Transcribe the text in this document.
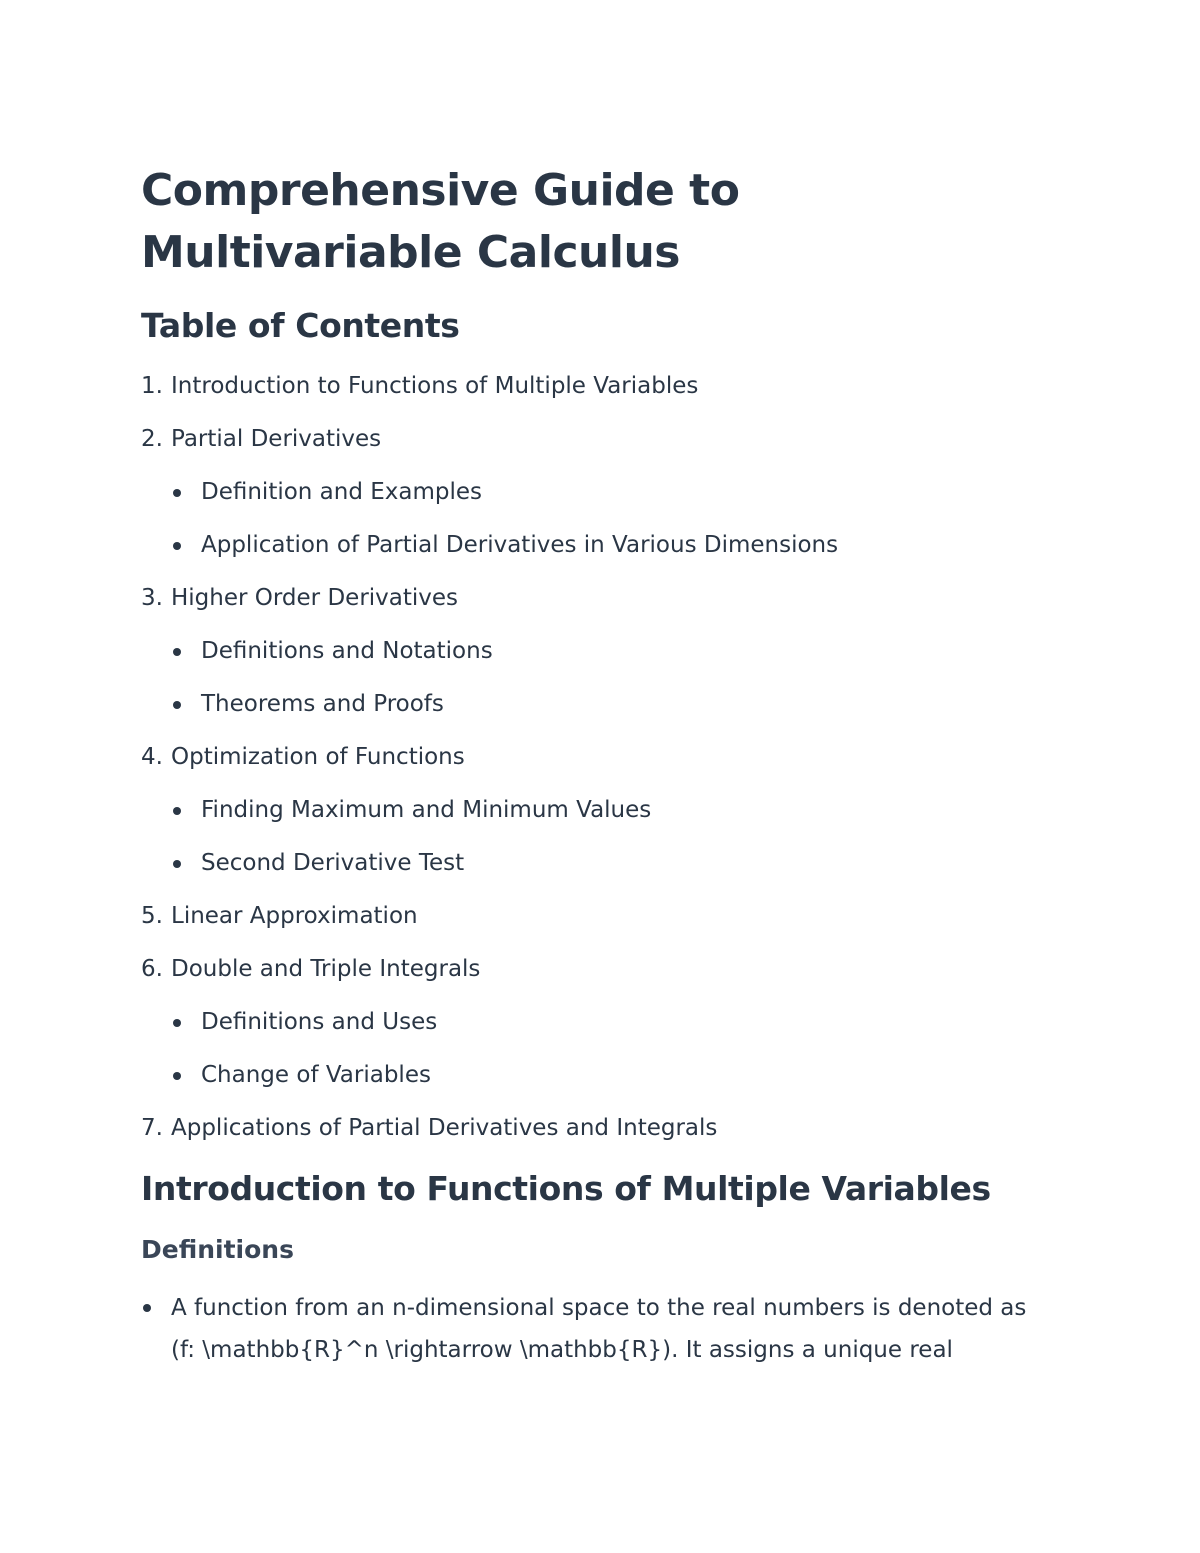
Comprehensive Guide to Multivariable Calculus
Table of Contents
1. Introduction to Functions of Multiple Variables
2. Partial Derivatives
Definition and Examples
Application of Partial Derivatives in Various Dimensions
3. Higher Order Derivatives
Definitions and Notations
Theorems and Proofs
4. Optimization of Functions
Finding Maximum and Minimum Values
Second Derivative Test
5. Linear Approximation
6. Double and Triple Integrals
Definitions and Uses
Change of Variables
7. Applications of Partial Derivatives and Integrals
Introduction to Functions of Multiple Variables
Definitions
A function from an n-dimensional space to the real numbers is denoted as (f: \mathbb{R}^n \rightarrow \mathbb{R}). It assigns a unique real
